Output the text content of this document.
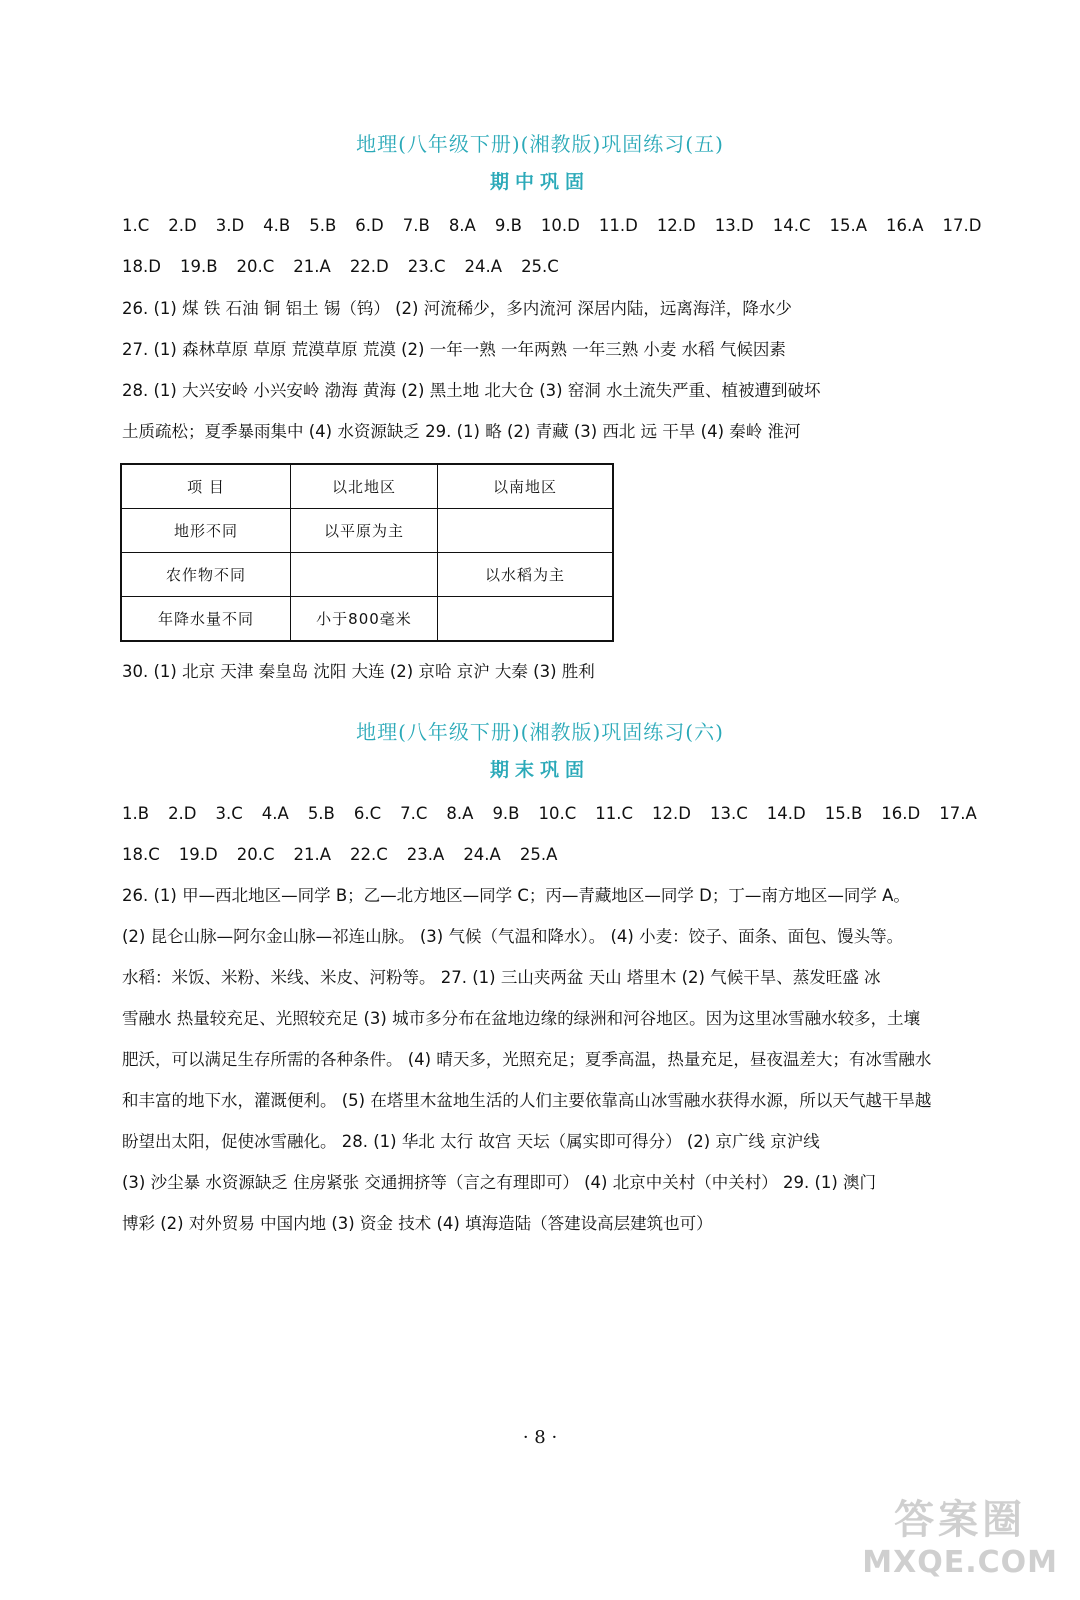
地理(八年级下册)(湘教版)巩固练习(五)
期中巩固
1.C 2.D 3.D 4.B 5.B 6.D 7.B 8.A 9.B 10.D 11.D 12.D 13.D 14.C 15.A 16.A 17.D
18.D 19.B 20.C 21.A 22.D 23.C 24.A 25.C
26. (1) 煤 铁 石油 铜 铝土 锡（钨） (2) 河流稀少，多内流河 深居内陆，远离海洋，降水少
27. (1) 森林草原 草原 荒漠草原 荒漠 (2) 一年一熟 一年两熟 一年三熟 小麦 水稻 气候因素
28. (1) 大兴安岭 小兴安岭 渤海 黄海 (2) 黑土地 北大仓 (3) 窑洞 水土流失严重、植被遭到破坏
土质疏松；夏季暴雨集中 (4) 水资源缺乏 29. (1) 略 (2) 青藏 (3) 西北 远 干旱 (4) 秦岭 淮河
项 目	以北地区	以南地区
地形不同	以平原为主	
农作物不同		以水稻为主
年降水量不同	小于800毫米	
30. (1) 北京 天津 秦皇岛 沈阳 大连 (2) 京哈 京沪 大秦 (3) 胜利
地理(八年级下册)(湘教版)巩固练习(六)
期末巩固
1.B 2.D 3.C 4.A 5.B 6.C 7.C 8.A 9.B 10.C 11.C 12.D 13.C 14.D 15.B 16.D 17.A
18.C 19.D 20.C 21.A 22.C 23.A 24.A 25.A
26. (1) 甲—西北地区—同学 B；乙—北方地区—同学 C；丙—青藏地区—同学 D；丁—南方地区—同学 A。
(2) 昆仑山脉—阿尔金山脉—祁连山脉。 (3) 气候（气温和降水）。 (4) 小麦：饺子、面条、面包、馒头等。
水稻：米饭、米粉、米线、米皮、河粉等。 27. (1) 三山夹两盆 天山 塔里木 (2) 气候干旱、蒸发旺盛 冰
雪融水 热量较充足、光照较充足 (3) 城市多分布在盆地边缘的绿洲和河谷地区。因为这里冰雪融水较多，土壤
肥沃，可以满足生存所需的各种条件。 (4) 晴天多，光照充足；夏季高温，热量充足，昼夜温差大；有冰雪融水
和丰富的地下水，灌溉便利。 (5) 在塔里木盆地生活的人们主要依靠高山冰雪融水获得水源，所以天气越干旱越
盼望出太阳，促使冰雪融化。 28. (1) 华北 太行 故宫 天坛（属实即可得分） (2) 京广线 京沪线
(3) 沙尘暴 水资源缺乏 住房紧张 交通拥挤等（言之有理即可） (4) 北京中关村（中关村） 29. (1) 澳门
博彩 (2) 对外贸易 中国内地 (3) 资金 技术 (4) 填海造陆（答建设高层建筑也可）
· 8 ·
答案圈
MXQE.COM
